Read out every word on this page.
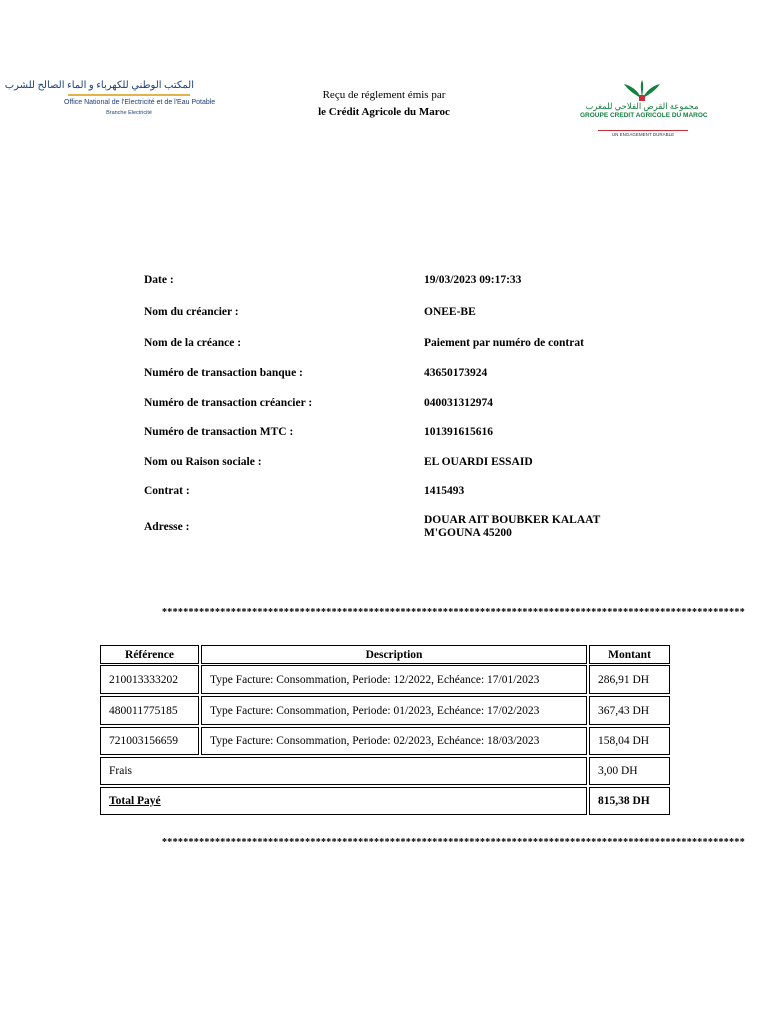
المكتب الوطني للكهرباء و الماء الصالح للشرب
Office National de l'Electricité et de l'Eau Potable
Branche Electricité
Reçu de réglement émis par
le Crédit Agricole du Maroc	مجموعة القرض الفلاحي للمغرب
GROUPE CREDIT AGRICOLE DU MAROC
UN ENGAGEMENT DURABLE
Date :	19/03/2023 09:17:33
Nom du créancier :	ONEE-BE
Nom de la créance :	Paiement par numéro de contrat
Numéro de transaction banque :	43650173924
Numéro de transaction créancier :	040031312974
Numéro de transaction MTC :	101391615616
Nom ou Raison sociale :	EL OUARDI ESSAID
Contrat :	1415493
Adresse :
DOUAR AIT BOUBKER KALAAT
M'GOUNA 45200
**************************************************************************************************************
Référence	Description	Montant
210013333202	Type Facture: Consommation, Periode: 12/2022, Echéance: 17/01/2023	286,91 DH
480011775185	Type Facture: Consommation, Periode: 01/2023, Echéance: 17/02/2023	367,43 DH
721003156659	Type Facture: Consommation, Periode: 02/2023, Echéance: 18/03/2023	158,04 DH
Frais	3,00 DH
Total Payé	815,38 DH
**************************************************************************************************************
